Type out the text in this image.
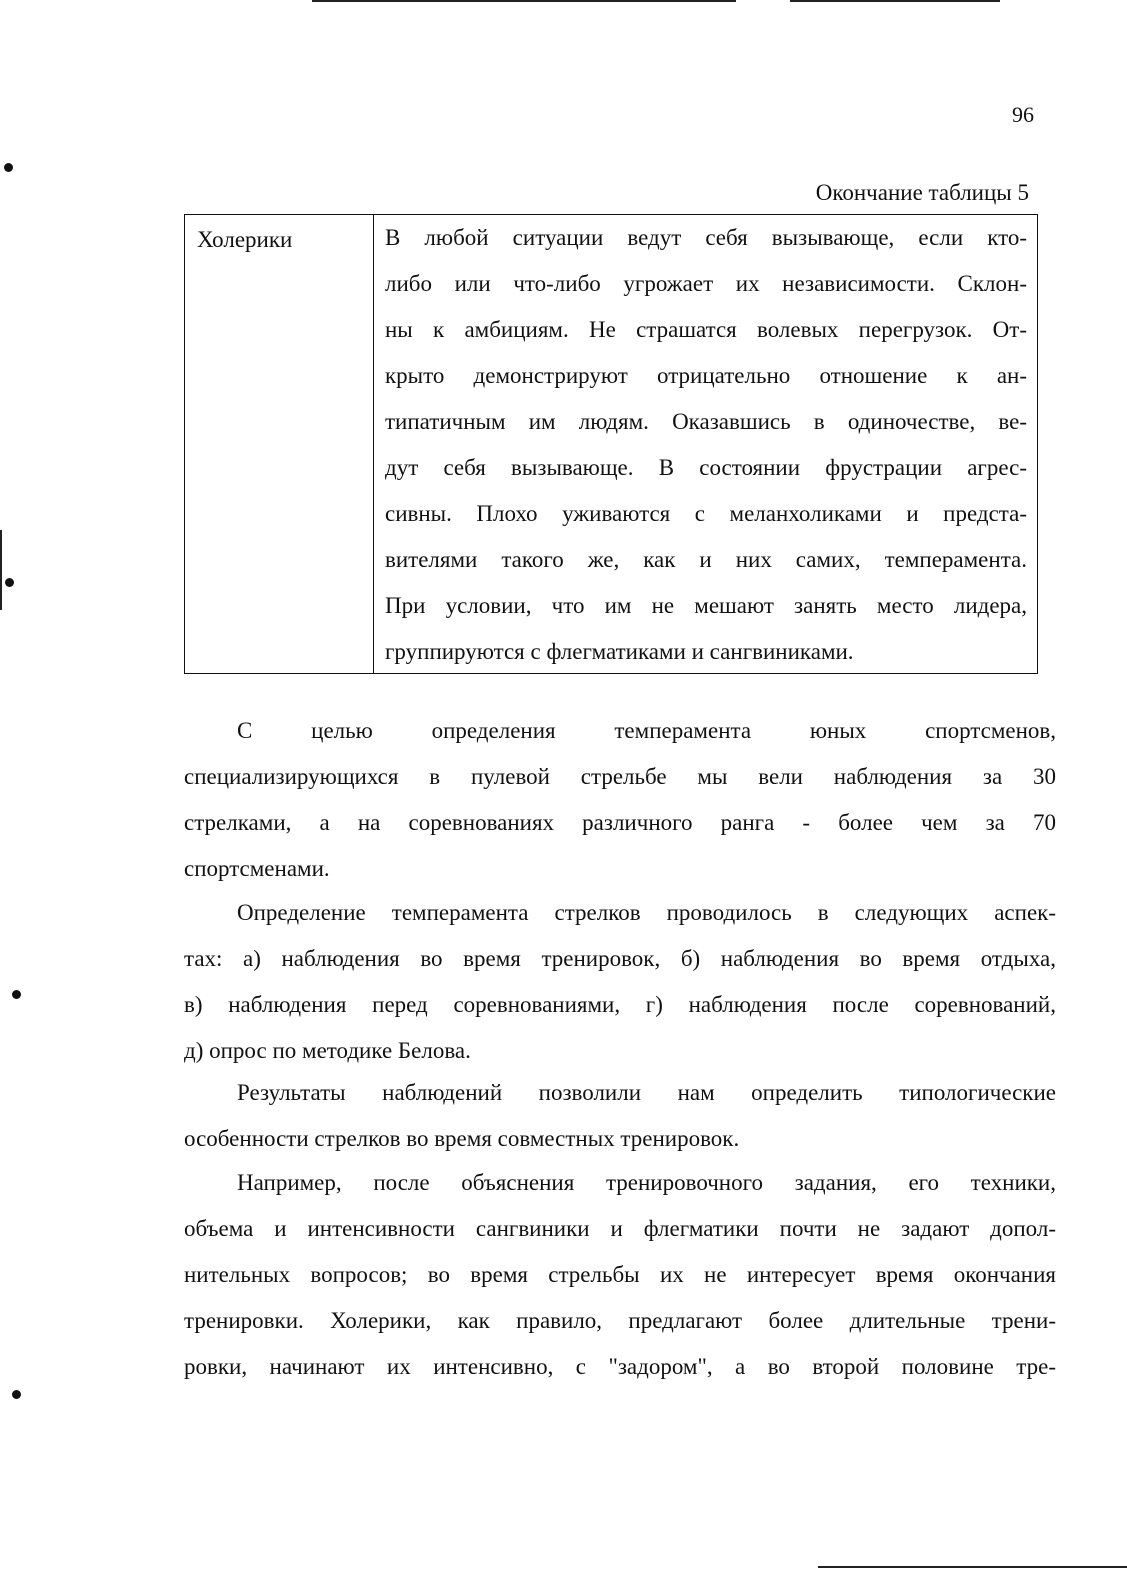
96
Окончание таблицы 5
Холерики	В любой ситуации ведут себя вызывающе, если кто-
либо или что-либо угрожает их независимости. Склон-
ны к амбициям. Не страшатся волевых перегрузок. От-
крыто демонстрируют отрицательно отношение к ан-
типатичным им людям. Оказавшись в одиночестве, ве-
дут себя вызывающе. В состоянии фрустрации агрес-
сивны. Плохо уживаются с меланхоликами и предста-
вителями такого же, как и них самих, темперамента.
При условии, что им не мешают занять место лидера,
группируются с флегматиками и сангвиниками.
С целью определения темперамента юных спортсменов,
специализирующихся в пулевой стрельбе мы вели наблюдения за 30
стрелками, а на соревнованиях различного ранга - более чем за 70
спортсменами.
Определение темперамента стрелков проводилось в следующих аспек-
тах: а) наблюдения во время тренировок, б) наблюдения во время отдыха,
в) наблюдения перед соревнованиями, г) наблюдения после соревнований,
д) опрос по методике Белова.
Результаты наблюдений позволили нам определить типологические
особенности стрелков во время совместных тренировок.
Например, после объяснения тренировочного задания, его техники,
объема и интенсивности сангвиники и флегматики почти не задают допол-
нительных вопросов; во время стрельбы их не интересует время окончания
тренировки. Холерики, как правило, предлагают более длительные трени-
ровки, начинают их интенсивно, с "задором", а во второй половине тре-
